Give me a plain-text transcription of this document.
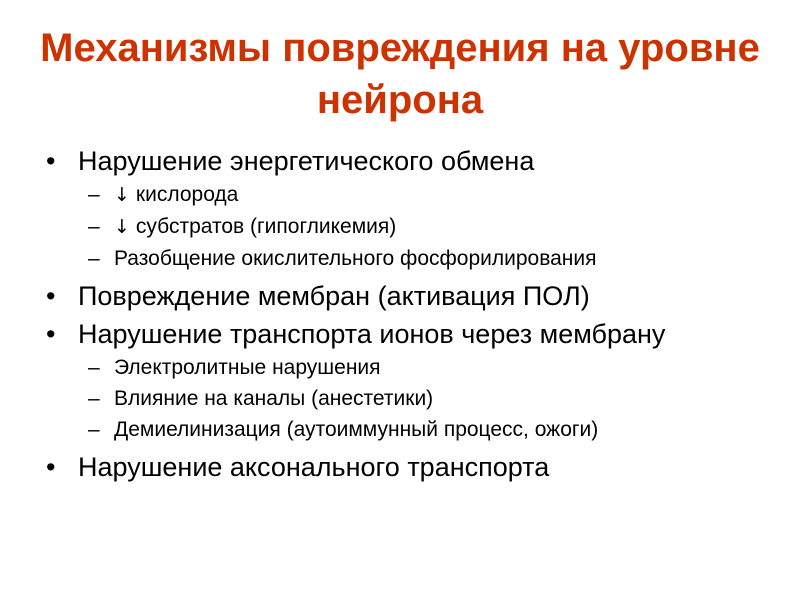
Механизмы повреждения на уровне нейрона
• Нарушение энергетического обмена
– ↓ кислорода
– ↓ субстратов (гипогликемия)
– Разобщение окислительного фосфорилирования
• Повреждение мембран (активация ПОЛ)
• Нарушение транспорта ионов через мембрану
– Электролитные нарушения
– Влияние на каналы (анестетики)
– Демиелинизация (аутоиммунный процесс, ожоги)
• Нарушение аксонального транспорта
